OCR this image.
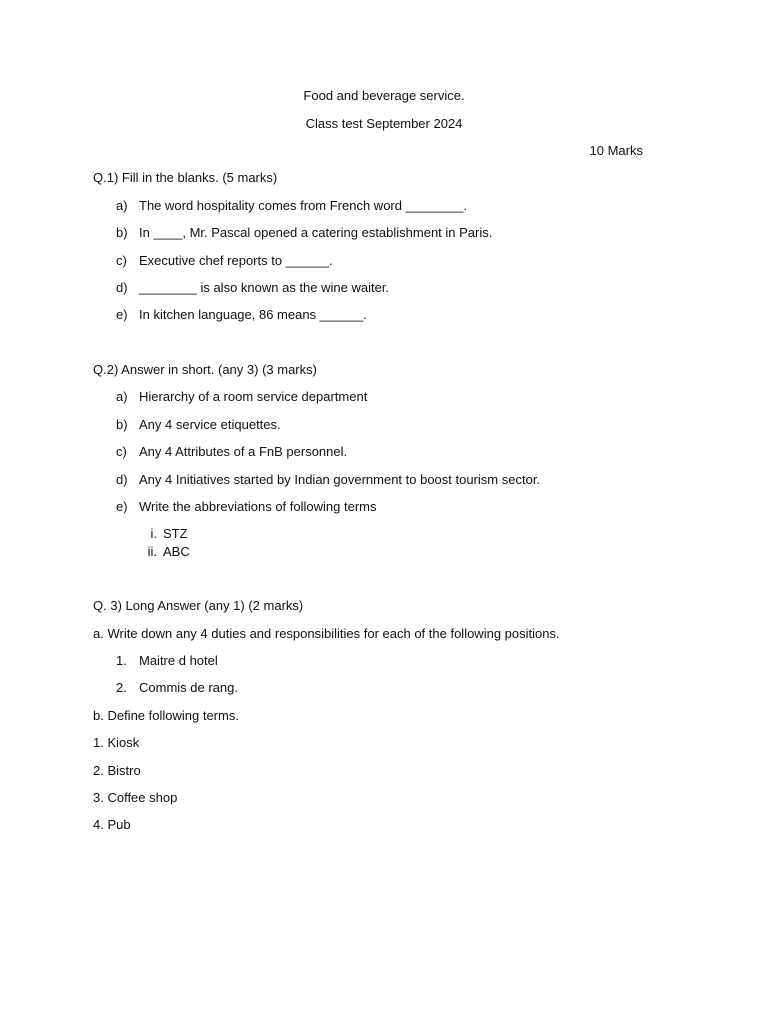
Food and beverage service.
Class test September 2024
10 Marks
Q.1) Fill in the blanks. (5 marks)
a) The word hospitality comes from French word ________.
b) In ____, Mr. Pascal opened a catering establishment in Paris.
c) Executive chef reports to ______.
d) ________ is also known as the wine waiter.
e) In kitchen language, 86 means ______.
Q.2) Answer in short. (any 3) (3 marks)
a) Hierarchy of a room service department
b) Any 4 service etiquettes.
c) Any 4 Attributes of a FnB personnel.
d) Any 4 Initiatives started by Indian government to boost tourism sector.
e) Write the abbreviations of following terms
i. STZ
ii. ABC
Q. 3) Long Answer (any 1) (2 marks)
a. Write down any 4 duties and responsibilities for each of the following positions.
1. Maitre d hotel
2. Commis de rang.
b. Define following terms.
1. Kiosk
2. Bistro
3. Coffee shop
4. Pub
